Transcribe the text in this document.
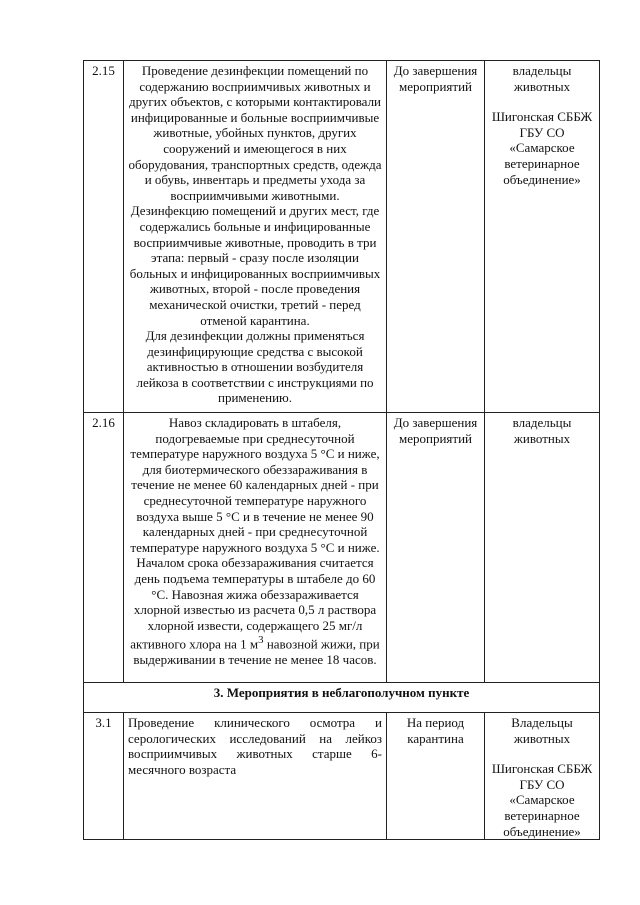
2.15	Проведение дезинфекции помещений по содержанию восприимчивых животных и других объектов, с которыми контактировали инфицированные и больные восприимчивые животные, убойных пунктов, других сооружений и имеющегося в них оборудования, транспортных средств, одежда и обувь, инвентарь и предметы ухода за восприимчивыми животными.
Дезинфекцию помещений и других мест, где содержались больные и инфицированные восприимчивые животные, проводить в три этапа: первый - сразу после изоляции больных и инфицированных восприимчивых животных, второй - после проведения механической очистки, третий - перед отменой карантина.
Для дезинфекции должны применяться дезинфицирующие средства с высокой активностью в отношении возбудителя лейкоза в соответствии с инструкциями по применению.	До завершения мероприятий	владельцы животных
Шигонская СББЖ ГБУ СО «Самарское ветеринарное объединение»

2.16	Навоз складировать в штабеля, подогреваемые при среднесуточной температуре наружного воздуха 5 °С и ниже, для биотермического обеззараживания в течение не менее 60 календарных дней - при среднесуточной температуре наружного воздуха выше 5 °С и в течение не менее 90 календарных дней - при среднесуточной температуре наружного воздуха 5 °С и ниже. Началом срока обеззараживания считается день подъема температуры в штабеле до 60 °С. Навозная жижа обеззараживается хлорной известью из расчета 0,5 л раствора хлорной извести, содержащего 25 мг/л активного хлора на 1 $м^3$ навозной жижи, при выдерживании в течение не менее 18 часов.	До завершения мероприятий	владельцы животных

3. Мероприятия в неблагополучном пункте			
3.1	Проведение клинического осмотра и серологических исследований на лейкоз восприимчивых животных старше 6-месячного возраста	На период карантина	Владельцы животных
Шигонская СББЖ ГБУ СО «Самарское ветеринарное объединение»
